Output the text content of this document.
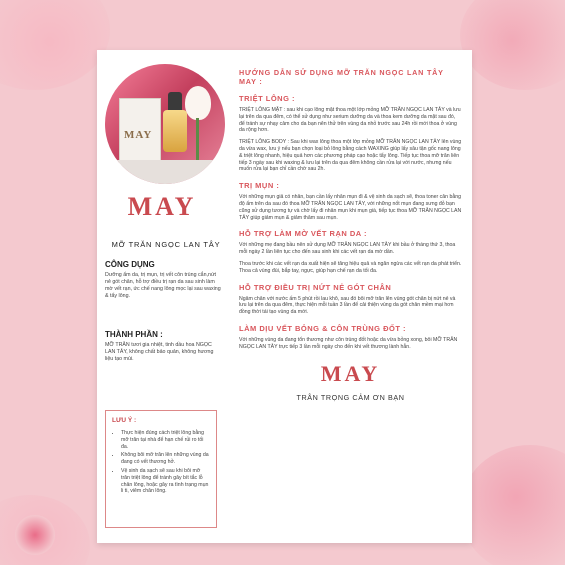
MAY
MAY
MỠ TRĂN NGỌC LAN TÂY
CÔNG DỤNG
Dưỡng ẩm da, trị mụn, trị vết côn trùng cắn,nứt nẻ gót chân, hỗ trợ điều trị rạn da sau sinh làm mờ vết rạn, ức chế nang lông mọc lại sau waxing & tẩy lông.
THÀNH PHẦN :
MỠ TRĂN tươi gia nhiệt, tinh dầu hoa NGỌC LAN TÂY, không chất bảo quản, không hương liệu tạo mùi.
LƯU Ý :
• Thực hiện đúng cách triệt lông bằng mỡ trăn tại nhà để hạn chế rủi ro tối đa.
• Không bôi mỡ trăn lên những vùng da đang có vết thương hở.
• Vệ sinh da sạch sẽ sau khi bôi mỡ trăn triệt lông để tránh gây bít tắc lỗ chân lông, hoặc gây ra tình trạng mụn li ti, viêm chân lông.
HƯỚNG DẪN SỬ DỤNG MỠ TRĂN NGỌC LAN TÂY MAY :
TRIỆT LÔNG :

TRIỆT LÔNG MẶT : sau khi cạo lông mặt thoa một lớp mỏng MỠ TRĂN NGỌC LAN TÂY và lưu lại trên da qua đêm, có thể sử dụng như serium dưỡng da và thoa kem dưỡng da mặt sau đó, để tránh sự nhạy cảm cho da bạn nên thử trên vùng da nhỏ trước sau 24h rồi mới thoa ở vùng da rộng hơn.

TRIỆT LÔNG BODY : Sau khi wax lông thoa một lớp mỏng MỠ TRĂN NGỌC LAN TÂY lên vùng da vừa wax, lưu ý nếu bạn chọn loại bỏ lông bằng cách WAXING giúp lấy sâu tận gốc nang lông & triệt lông nhanh, hiệu quả hơn các phương pháp cạo hoặc tẩy lông. Tiếp tục thoa mỡ trăn liên tiếp 3 ngày sau khi waxing & lưu lại trên da qua đêm không cần rửa lại với nước, nhưng nếu muốn rửa lại bạn chỉ cần chờ sau 2h.

TRỊ MỤN :

Với những mụn giả có nhân, bạn cần lấy nhân mụn đi & vệ sinh da sạch sẽ, thoa toner cân bằng độ ẩm trên da sau đó thoa MỠ TRĂN NGỌC LAN TÂY, với những nốt mụn đang sưng đỏ bạn cũng sử dụng tương tự và chờ lấy đi nhân mụn khi mụn già, tiếp tục thoa MỠ TRĂN NGỌC LAN TÂY giúp giảm mụn & giảm thâm sau mụn.

HỖ TRỢ LÀM MỜ VẾT RẠN DA :

Với những mẹ đang bầu nên sử dụng MỠ TRĂN NGỌC LAN TÂY khi bầu ở tháng thứ 3, thoa mỗi ngày 2 lần liên tục cho đến sau sinh khi các vết rạn da mờ dần.

Thoa trước khi các vết rạn da xuất hiện sẽ tăng hiệu quả và ngăn ngừa các vết rạn da phát triển. Thoa cả vùng đùi, bắp tay, ngực, giúp hạn chế rạn da tối đa.

HỖ TRỢ ĐIỀU TRỊ NỨT NẺ GÓT CHÂN

Ngâm chân với nước ấm 5 phút rồi lau khô, sau đó bôi mỡ trăn lên vùng gót chân bị nứt nẻ và lưu lại trên da qua đêm, thực hiện mỗi tuần 3 lần để cải thiện vùng da gót chân mềm mại hơn đồng thời tái tạo vùng da mới.

LÀM DỊU VẾT BỎNG & CÔN TRÙNG ĐỐT :

Với những vùng da đang tổn thương như côn trùng đốt hoặc da vừa bỏng xong, bôi MỠ TRĂN NGỌC LAN TÂY trực tiếp 3 lần mỗi ngày cho đến khi vết thương lành hẳn.

MAY
TRÂN TRỌNG CẢM ƠN BẠN
